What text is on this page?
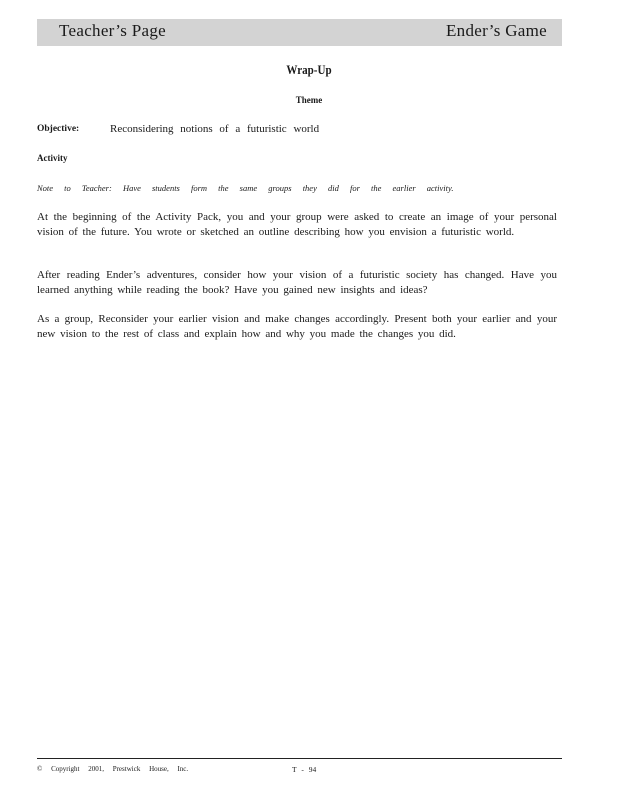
Teacher’s Page	Ender’s Game
Wrap-Up
Theme
Objective:	Reconsidering notions of a futuristic world
Activity
Note to Teacher: Have students form the same groups they did for the earlier activity.

At the beginning of the Activity Pack, you and your group were asked to create an image of your personal vision of the future. You wrote or sketched an outline describing how you envision a futuristic world.

After reading Ender’s adventures, consider how your vision of a futuristic society has changed. Have you learned anything while reading the book? Have you gained new insights and ideas?

As a group, Reconsider your earlier vision and make changes accordingly. Present both your earlier and your new vision to the rest of class and explain how and why you made the changes you did.

© Copyright 2001, Prestwick House, Inc.	T - 94
